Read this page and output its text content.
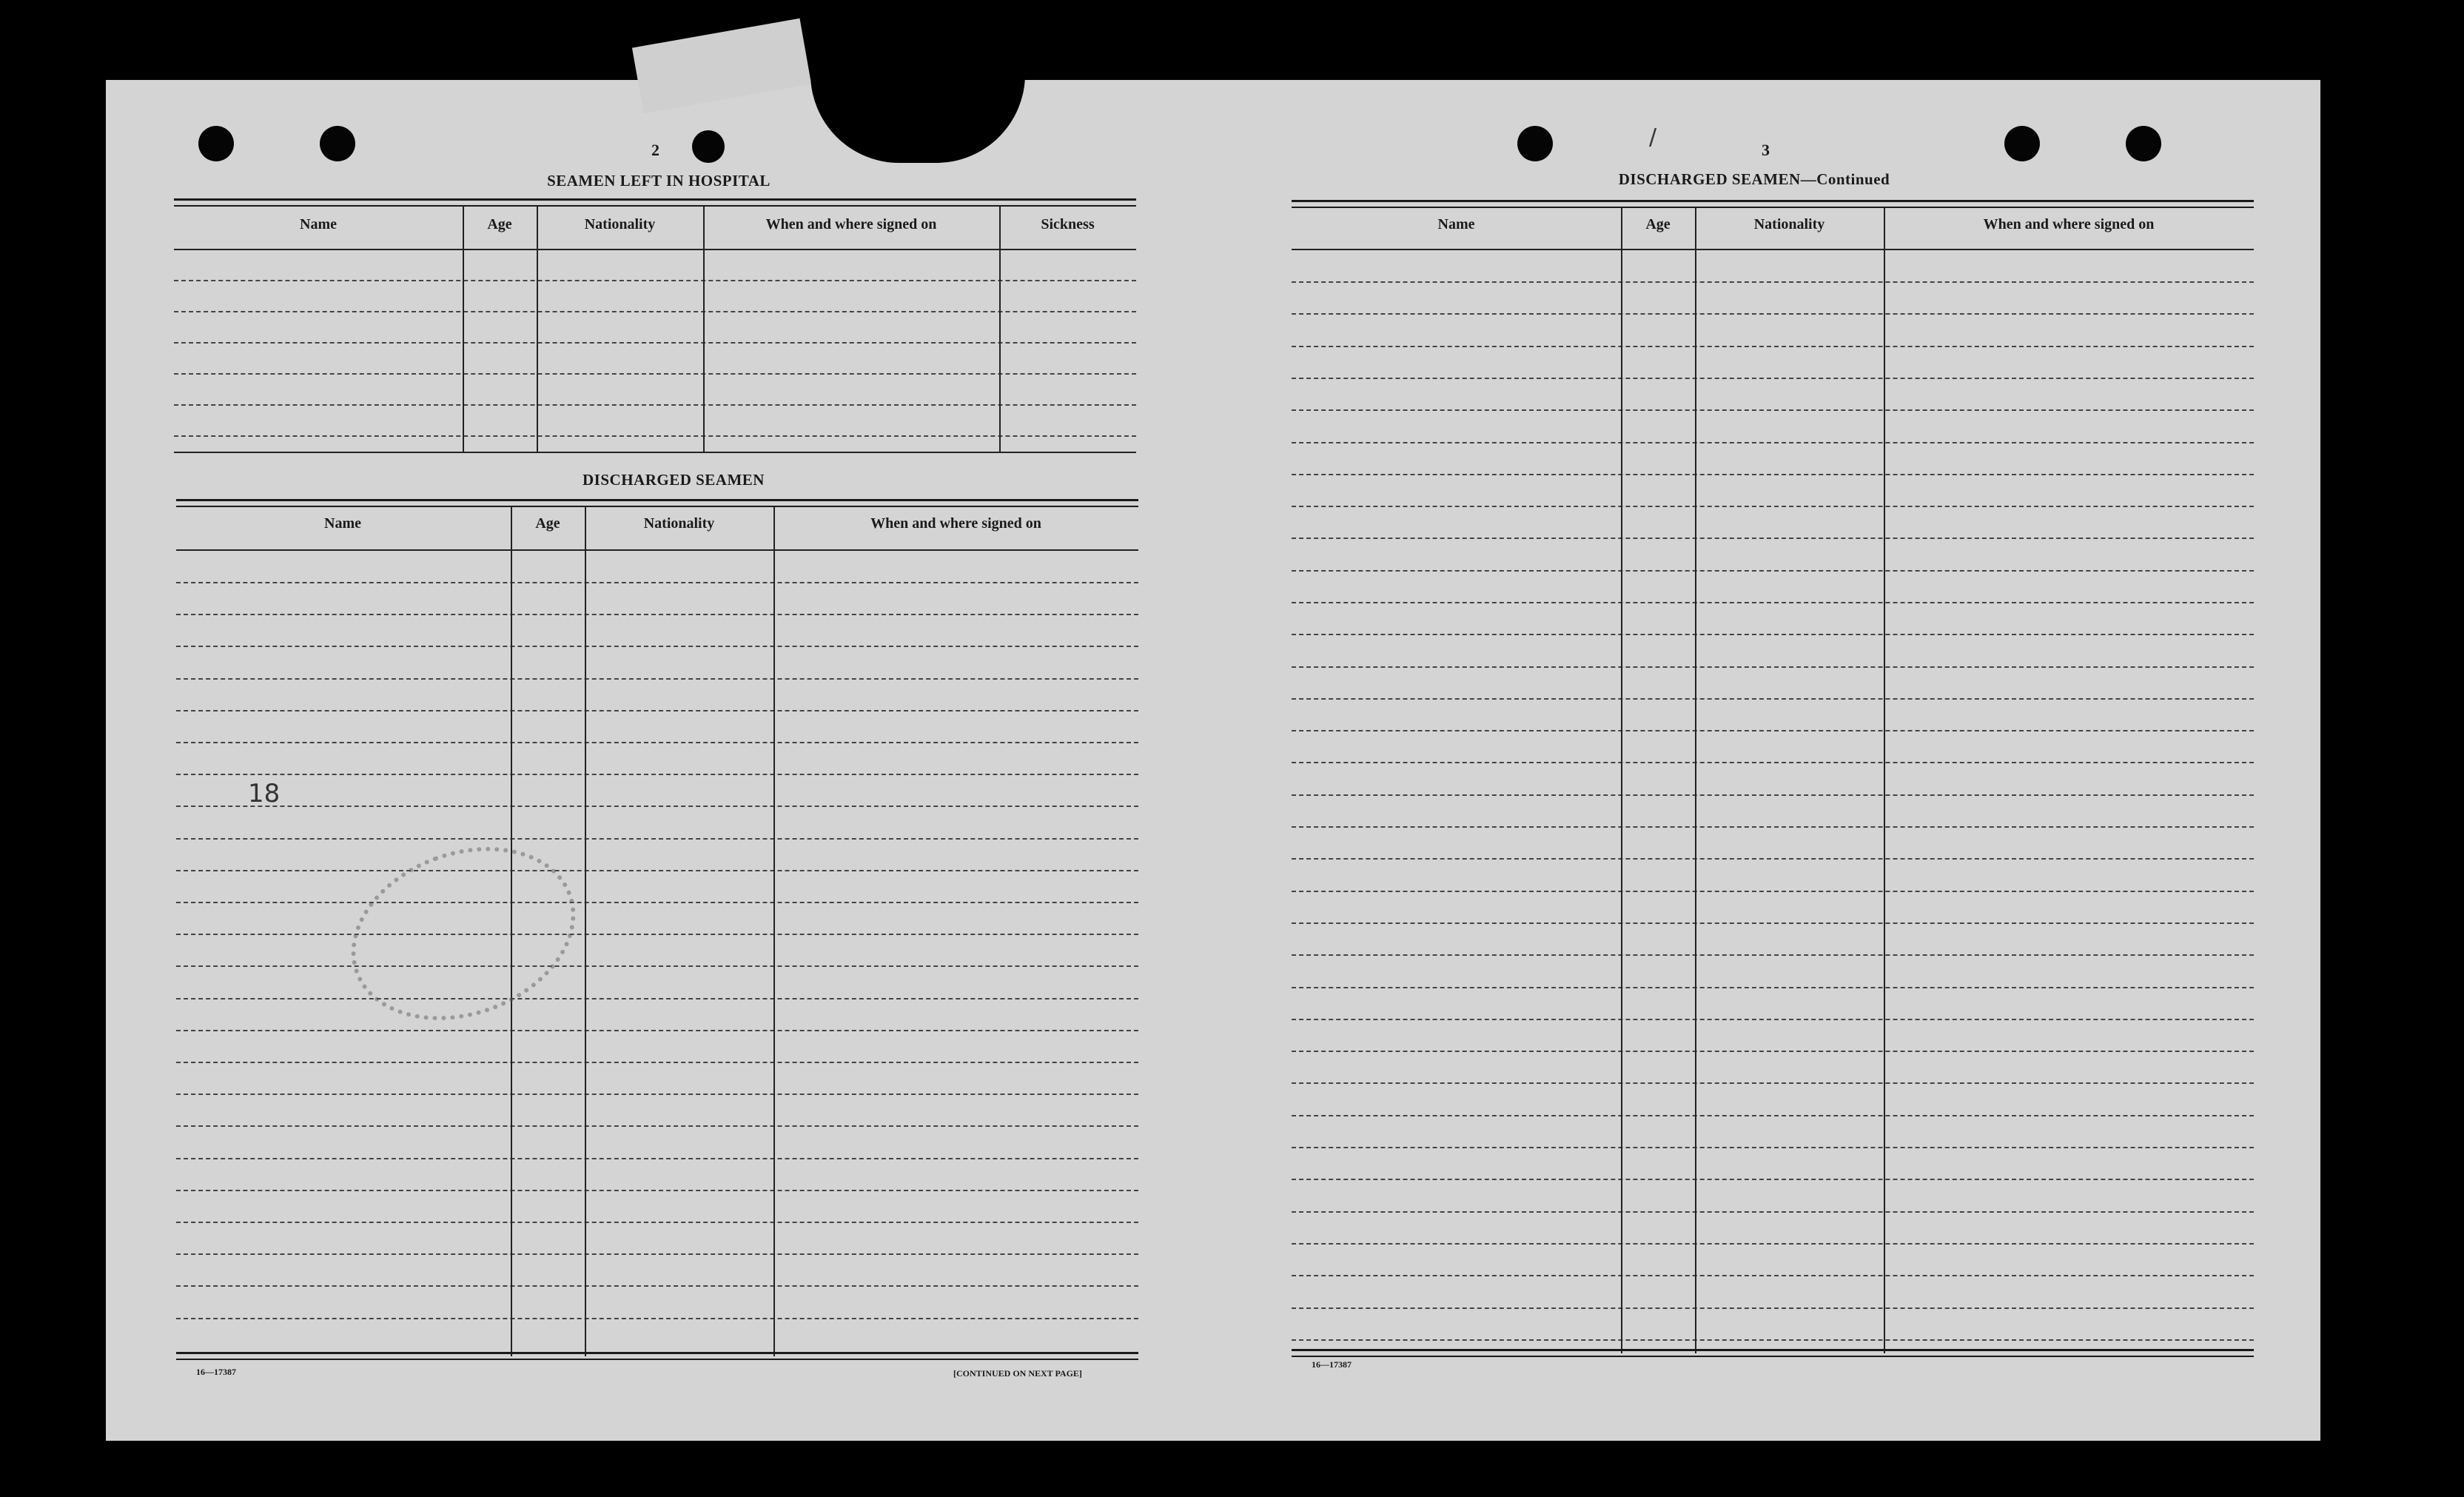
2
SEAMEN LEFT IN HOSPITAL
Name	Age	Nationality	When and where signed on	Sickness
DISCHARGED SEAMEN
Name	Age	Nationality	When and where signed on
16—17387	[CONTINUED ON NEXT PAGE]
18
/	3
DISCHARGED SEAMEN—Continued
Name	Age	Nationality	When and where signed on
16—17387
